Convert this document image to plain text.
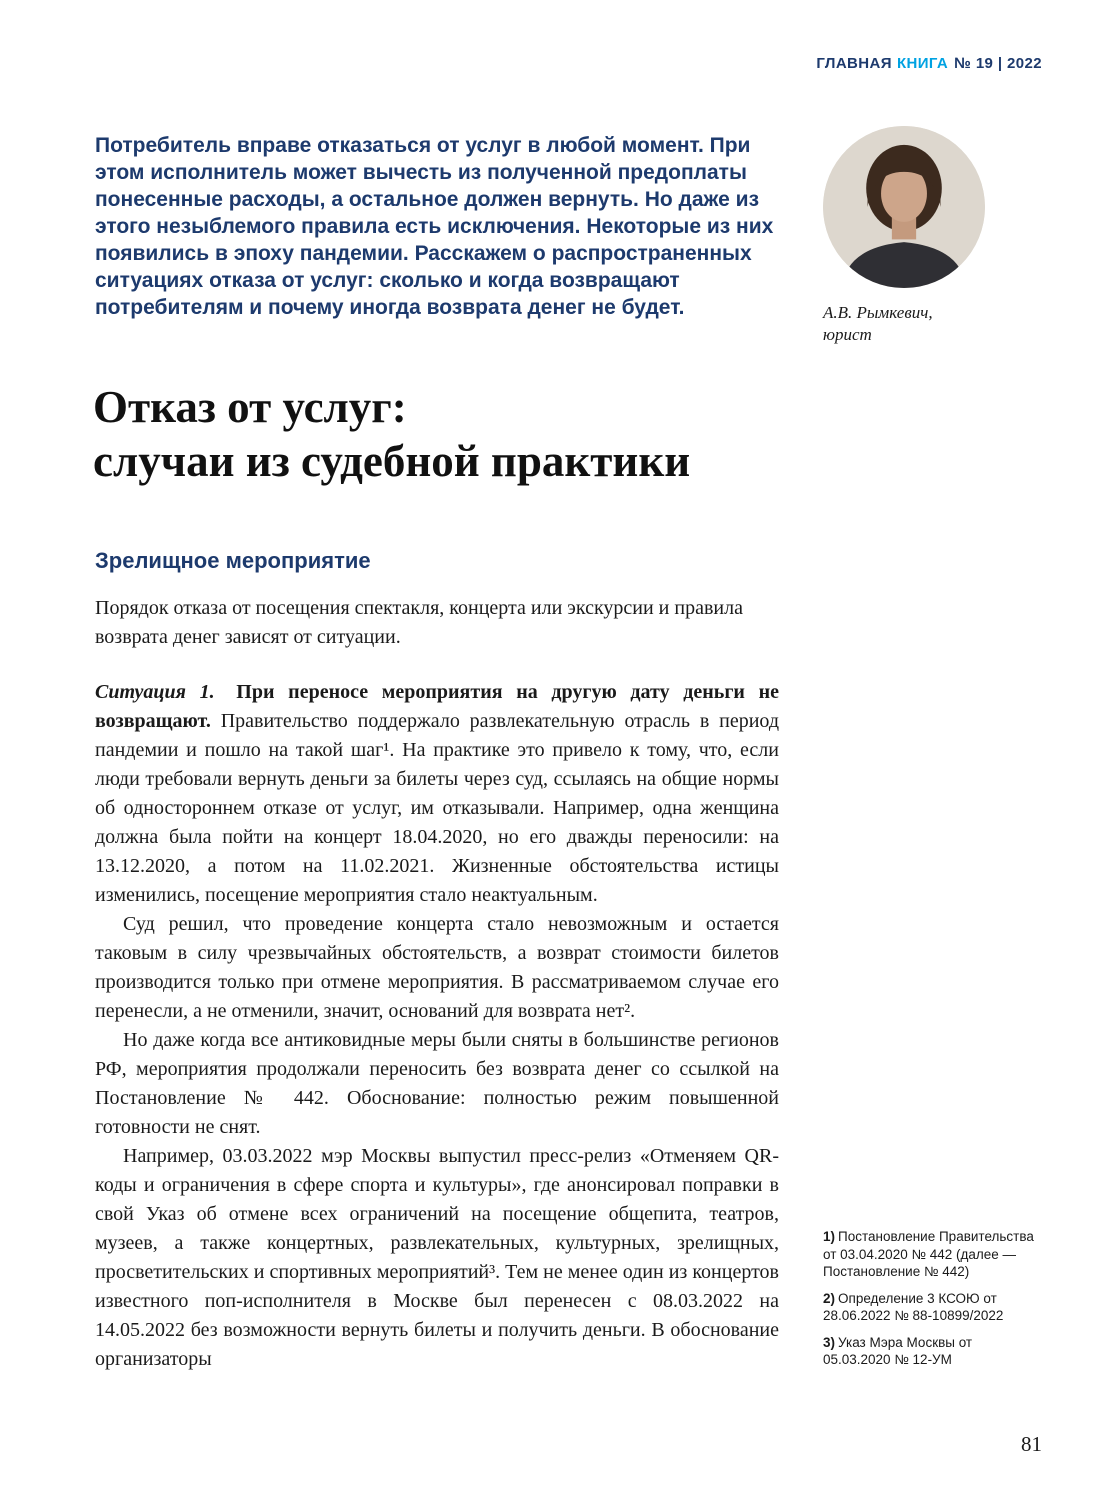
ГЛАВНАЯ КНИГА № 19 | 2022

Потребитель вправе отказаться от услуг в любой момент. При этом исполнитель может вычесть из полученной предоплаты понесенные расходы, а остальное должен вернуть. Но даже из этого незыблемого правила есть исключения. Некоторые из них появились в эпоху пандемии. Расскажем о распространенных ситуациях отказа от услуг: сколько и когда возвращают потребителям и почему иногда возврата денег не будет.	А.В. Рымкевич,
юрист
Отказ от услуг:
случаи из судебной практики
Зрелищное мероприятие

Порядок отказа от посещения спектакля, концерта или экскурсии и правила возврата денег зависят от ситуации.

Ситуация 1. При переносе мероприятия на другую дату деньги не возвращают. Правительство поддержало развлекательную отрасль в период пандемии и пошло на такой шаг¹. На практике это привело к тому, что, если люди требовали вернуть деньги за билеты через суд, ссылаясь на общие нормы об одностороннем отказе от услуг, им отказывали. Например, одна женщина должна была пойти на концерт 18.04.2020, но его дважды переносили: на 13.12.2020, а потом на 11.02.2021. Жизненные обстоятельства истицы изменились, посещение мероприятия стало неактуальным.

Суд решил, что проведение концерта стало невозможным и остается таковым в силу чрезвычайных обстоятельств, а возврат стоимости билетов производится только при отмене мероприятия. В рассматриваемом случае его перенесли, а не отменили, значит, оснований для возврата нет².

Но даже когда все антиковидные меры были сняты в большинстве регионов РФ, мероприятия продолжали переносить без возврата денег со ссылкой на Постановление № 442. Обоснование: полностью режим повышенной готовности не снят.

Например, 03.03.2022 мэр Москвы выпустил пресс-релиз «Отменяем QR-коды и ограничения в сфере спорта и культуры», где анонсировал поправки в свой Указ об отмене всех ограничений на посещение общепита, театров, музеев, а также концертных, развлекательных, культурных, зрелищных, просветительских и спортивных мероприятий³. Тем не менее один из концертов известного поп-исполнителя в Москве был перенесен с 08.03.2022 на 14.05.2022 без возможности вернуть билеты и получить деньги. В обоснование организаторы

1) Постановление Правительства от 03.04.2020 № 442 (далее — Постановление № 442)
2) Определение 3 КСОЮ от 28.06.2022 № 88-10899/2022
3) Указ Мэра Москвы от 05.03.2020 № 12-УМ
81
